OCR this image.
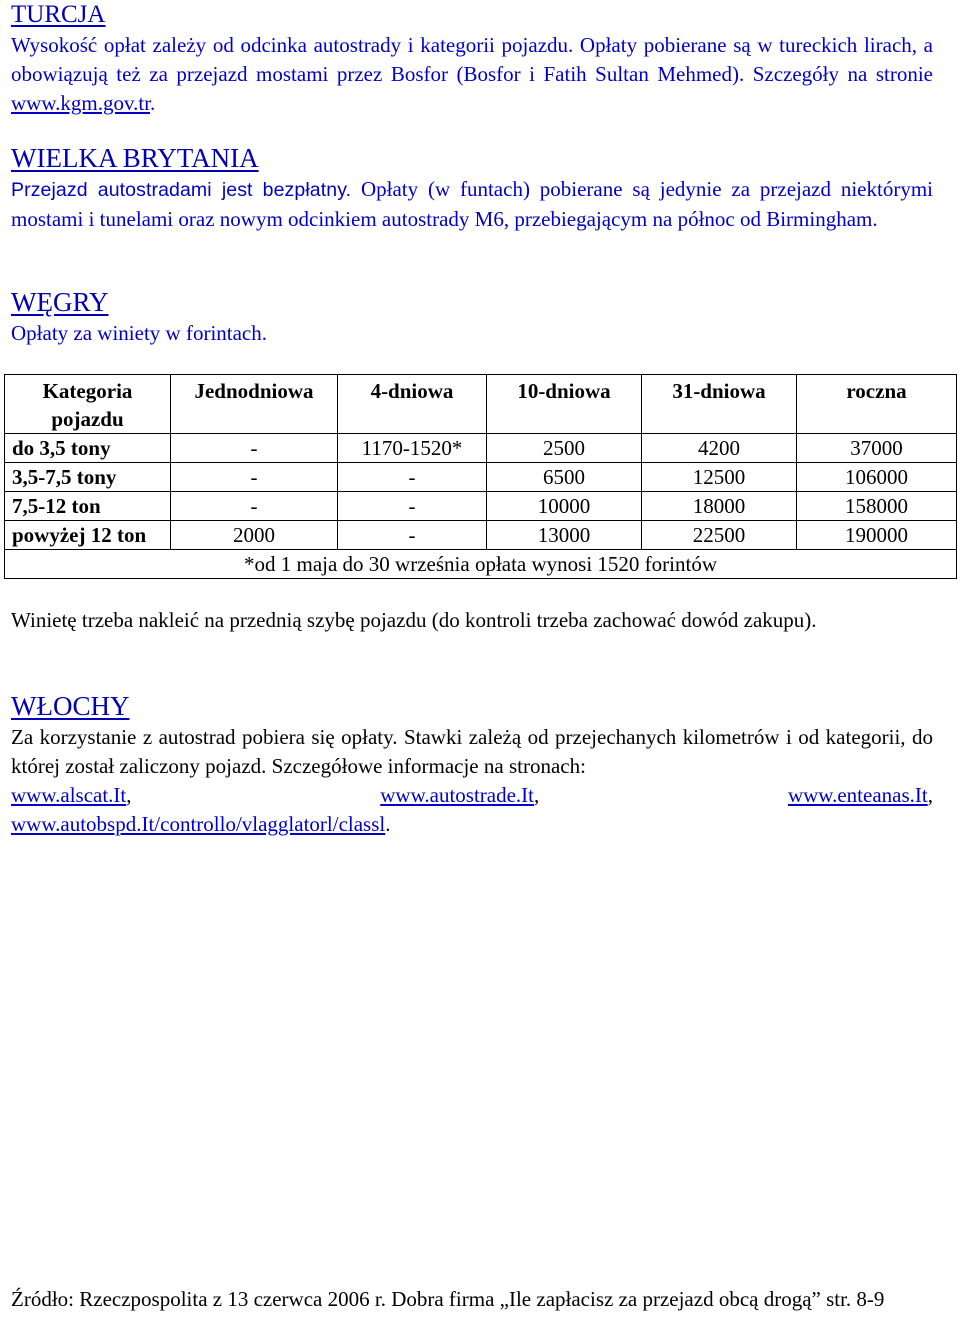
TURCJA

Wysokość opłat zależy od odcinka autostrady i kategorii pojazdu. Opłaty pobierane są w tureckich lirach, a obowiązują też za przejazd mostami przez Bosfor (Bosfor i Fatih Sultan Mehmed). Szczegóły na stronie www.kgm.gov.tr.

WIELKA BRYTANIA

Przejazd autostradami jest bezpłatny. Opłaty (w funtach) pobierane są jedynie za przejazd niektórymi mostami i tunelami oraz nowym odcinkiem autostrady M6, przebiegającym na północ od Birmingham.

WĘGRY

Opłaty za winiety w forintach.

Kategoria pojazdu	Jednodniowa	4-dniowa	10-dniowa	31-dniowa	roczna
do 3,5 tony	-	1170-1520*	2500	4200	37000
3,5-7,5 tony	-	-	6500	12500	106000
7,5-12 ton	-	-	10000	18000	158000
powyżej 12 ton	2000	-	13000	22500	190000
*od 1 maja do 30 września opłata wynosi 1520 forintów					

Winietę trzeba nakleić na przednią szybę pojazdu (do kontroli trzeba zachować dowód zakupu).

WŁOCHY

Za korzystanie z autostrad pobiera się opłaty. Stawki zależą od przejechanych kilometrów i od kategorii, do której został zaliczony pojazd. Szczegółowe informacje na stronach:

www.alscat.It,	www.autostrade.It,	www.enteanas.It,

www.autobspd.It/controllo/vlagglatorl/classl.

Źródło: Rzeczpospolita z 13 czerwca 2006 r. Dobra firma „Ile zapłacisz za przejazd obcą drogą” str. 8-9
